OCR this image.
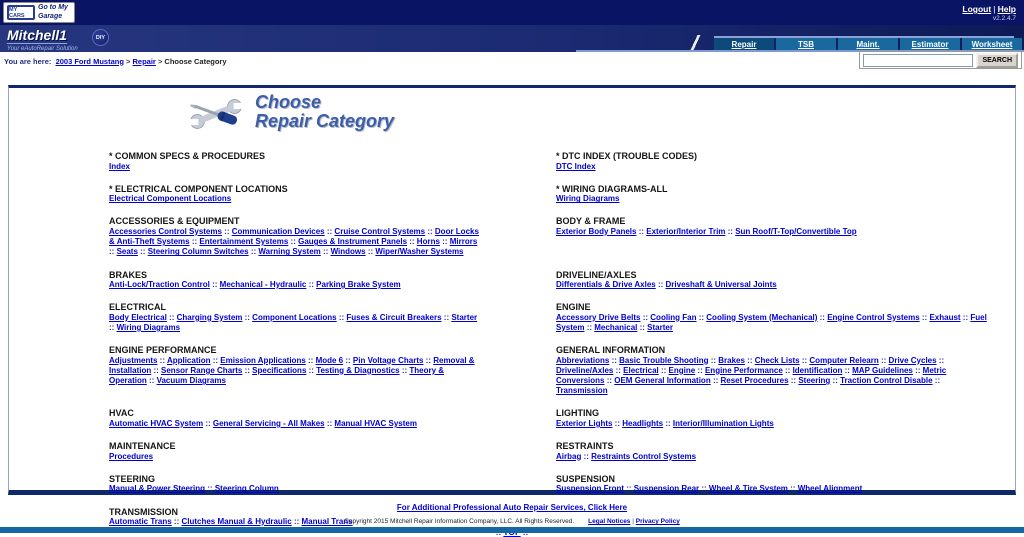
MY CARS
Go to My Garage
Logout | Help
v2.2.4.7
Mitchell1
Your eAutoRepair Solution
DIY
Repair	TSB	Maint.	Estimator	Worksheet
You are here:
2003 Ford Mustang
>
Repair
>
Choose Category	SEARCH
Choose
Repair Category
* COMMON SPECS & PROCEDURES
Index
* DTC INDEX (TROUBLE CODES)
DTC Index
* ELECTRICAL COMPONENT LOCATIONS
Electrical Component Locations
* WIRING DIAGRAMS-ALL
Wiring Diagrams
ACCESSORIES & EQUIPMENT
Accessories Control Systems :: Communication Devices :: Cruise Control Systems :: Door Locks & Anti-Theft Systems :: Entertainment Systems :: Gauges & Instrument Panels :: Horns :: Mirrors :: Seats :: Steering Column Switches :: Warning System :: Windows :: Wiper/Washer Systems
BODY & FRAME
Exterior Body Panels :: Exterior/Interior Trim :: Sun Roof/T-Top/Convertible Top
BRAKES
Anti-Lock/Traction Control :: Mechanical - Hydraulic :: Parking Brake System
DRIVELINE/AXLES
Differentials & Drive Axles :: Driveshaft & Universal Joints
ELECTRICAL
Body Electrical :: Charging System :: Component Locations :: Fuses & Circuit Breakers :: Starter :: Wiring Diagrams
ENGINE
Accessory Drive Belts :: Cooling Fan :: Cooling System (Mechanical) :: Engine Control Systems :: Exhaust :: Fuel System :: Mechanical :: Starter
ENGINE PERFORMANCE
Adjustments :: Application :: Emission Applications :: Mode 6 :: Pin Voltage Charts :: Removal & Installation :: Sensor Range Charts :: Specifications :: Testing & Diagnostics :: Theory & Operation :: Vacuum Diagrams
GENERAL INFORMATION
Abbreviations :: Basic Trouble Shooting :: Brakes :: Check Lists :: Computer Relearn :: Drive Cycles :: Driveline/Axles :: Electrical :: Engine :: Engine Performance :: Identification :: MAP Guidelines :: Metric Conversions :: OEM General Information :: Reset Procedures :: Steering :: Traction Control Disable :: Transmission
HVAC
Automatic HVAC System :: General Servicing - All Makes :: Manual HVAC System
LIGHTING
Exterior Lights :: Headlights :: Interior/Illumination Lights
MAINTENANCE
Procedures
RESTRAINTS
Airbag :: Restraints Control Systems
STEERING
Manual & Power Steering :: Steering Column
SUSPENSION
Suspension Front :: Suspension Rear :: Wheel & Tire System :: Wheel Alignment
TRANSMISSION
Automatic Trans :: Clutches Manual & Hydraulic :: Manual Trans
For Additional Professional Auto Repair Services, Click Here
Copyright 2015 Mitchell Repair Information Company, LLC. All Rights Reserved. Legal Notices | Privacy Policy
